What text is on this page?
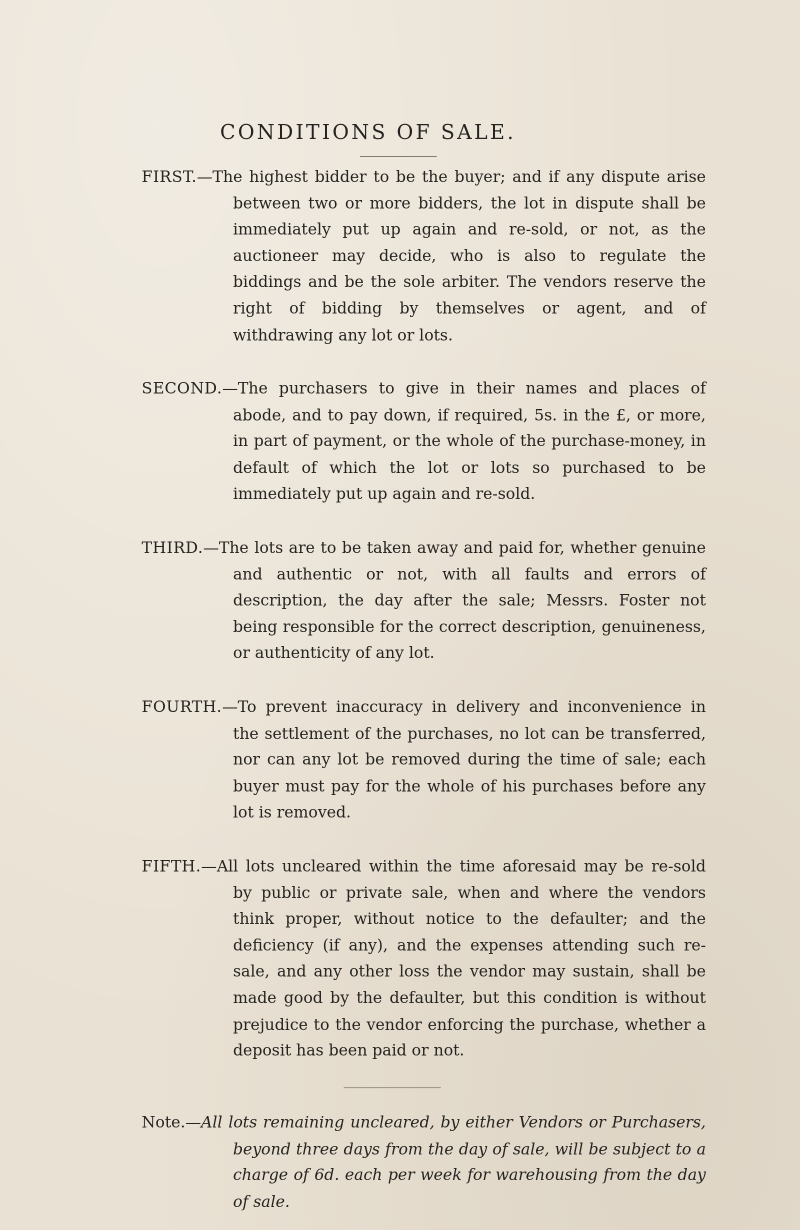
CONDITIONS OF SALE.

FIRST.—The highest bidder to be the buyer; and if any dispute arise between two or more bidders, the lot in dispute shall be immediately put up again and re-sold, or not, as the auctioneer may decide, who is also to regulate the biddings and be the sole arbiter. The vendors reserve the right of bidding by themselves or agent, and of withdrawing any lot or lots.

SECOND.—The purchasers to give in their names and places of abode, and to pay down, if required, 5s. in the £, or more, in part of payment, or the whole of the purchase-money, in default of which the lot or lots so purchased to be immediately put up again and re-sold.

THIRD.—The lots are to be taken away and paid for, whether genuine and authentic or not, with all faults and errors of description, the day after the sale; Messrs. Foster not being responsible for the correct description, genuineness, or authenticity of any lot.

FOURTH.—To prevent inaccuracy in delivery and inconvenience in the settlement of the purchases, no lot can be transferred, nor can any lot be removed during the time of sale; each buyer must pay for the whole of his purchases before any lot is removed.

FIFTH.—All lots uncleared within the time aforesaid may be re-sold by public or private sale, when and where the vendors think proper, without notice to the defaulter; and the deficiency (if any), and the expenses attending such re-sale, and any other loss the vendor may sustain, shall be made good by the defaulter, but this condition is without prejudice to the vendor enforcing the purchase, whether a deposit has been paid or not.

Note.—All lots remaining uncleared, by either Vendors or Purchasers, beyond three days from the day of sale, will be subject to a charge of 6d. each per week for warehousing from the day of sale.
